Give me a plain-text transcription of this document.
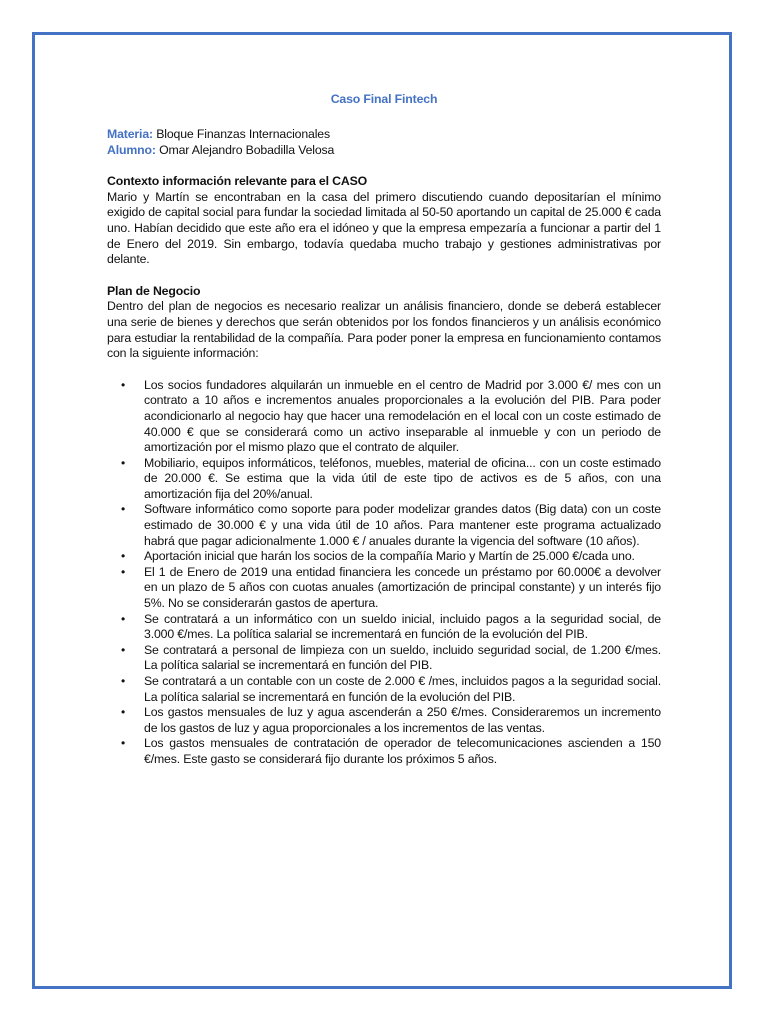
Caso Final Fintech

Materia: Bloque Finanzas Internacionales

Alumno: Omar Alejandro Bobadilla Velosa

Contexto información relevante para el CASO

Mario y Martín se encontraban en la casa del primero discutiendo cuando depositarían el mínimo exigido de capital social para fundar la sociedad limitada al 50-50 aportando un capital de 25.000 € cada uno. Habían decidido que este año era el idóneo y que la empresa empezaría a funcionar a partir del 1 de Enero del 2019. Sin embargo, todavía quedaba mucho trabajo y gestiones administrativas por delante.

Plan de Negocio

Dentro del plan de negocios es necesario realizar un análisis financiero, donde se deberá establecer una serie de bienes y derechos que serán obtenidos por los fondos financieros y un análisis económico para estudiar la rentabilidad de la compañía. Para poder poner la empresa en funcionamiento contamos con la siguiente información:

• Los socios fundadores alquilarán un inmueble en el centro de Madrid por 3.000 €/ mes con un contrato a 10 años e incrementos anuales proporcionales a la evolución del PIB. Para poder acondicionarlo al negocio hay que hacer una remodelación en el local con un coste estimado de 40.000 € que se considerará como un activo inseparable al inmueble y con un periodo de amortización por el mismo plazo que el contrato de alquiler.
• Mobiliario, equipos informáticos, teléfonos, muebles, material de oficina... con un coste estimado de 20.000 €. Se estima que la vida útil de este tipo de activos es de 5 años, con una amortización fija del 20%/anual.
• Software informático como soporte para poder modelizar grandes datos (Big data) con un coste estimado de 30.000 € y una vida útil de 10 años. Para mantener este programa actualizado habrá que pagar adicionalmente 1.000 € / anuales durante la vigencia del software (10 años).
• Aportación inicial que harán los socios de la compañía Mario y Martín de 25.000 €/cada uno.
• El 1 de Enero de 2019 una entidad financiera les concede un préstamo por 60.000€ a devolver en un plazo de 5 años con cuotas anuales (amortización de principal constante) y un interés fijo 5%. No se considerarán gastos de apertura.
• Se contratará a un informático con un sueldo inicial, incluido pagos a la seguridad social, de 3.000 €/mes. La política salarial se incrementará en función de la evolución del PIB.
• Se contratará a personal de limpieza con un sueldo, incluido seguridad social, de 1.200 €/mes. La política salarial se incrementará en función del PIB.
• Se contratará a un contable con un coste de 2.000 € /mes, incluidos pagos a la seguridad social. La política salarial se incrementará en función de la evolución del PIB.
• Los gastos mensuales de luz y agua ascenderán a 250 €/mes. Consideraremos un incremento de los gastos de luz y agua proporcionales a los incrementos de las ventas.
• Los gastos mensuales de contratación de operador de telecomunicaciones ascienden a 150 €/mes. Este gasto se considerará fijo durante los próximos 5 años.
